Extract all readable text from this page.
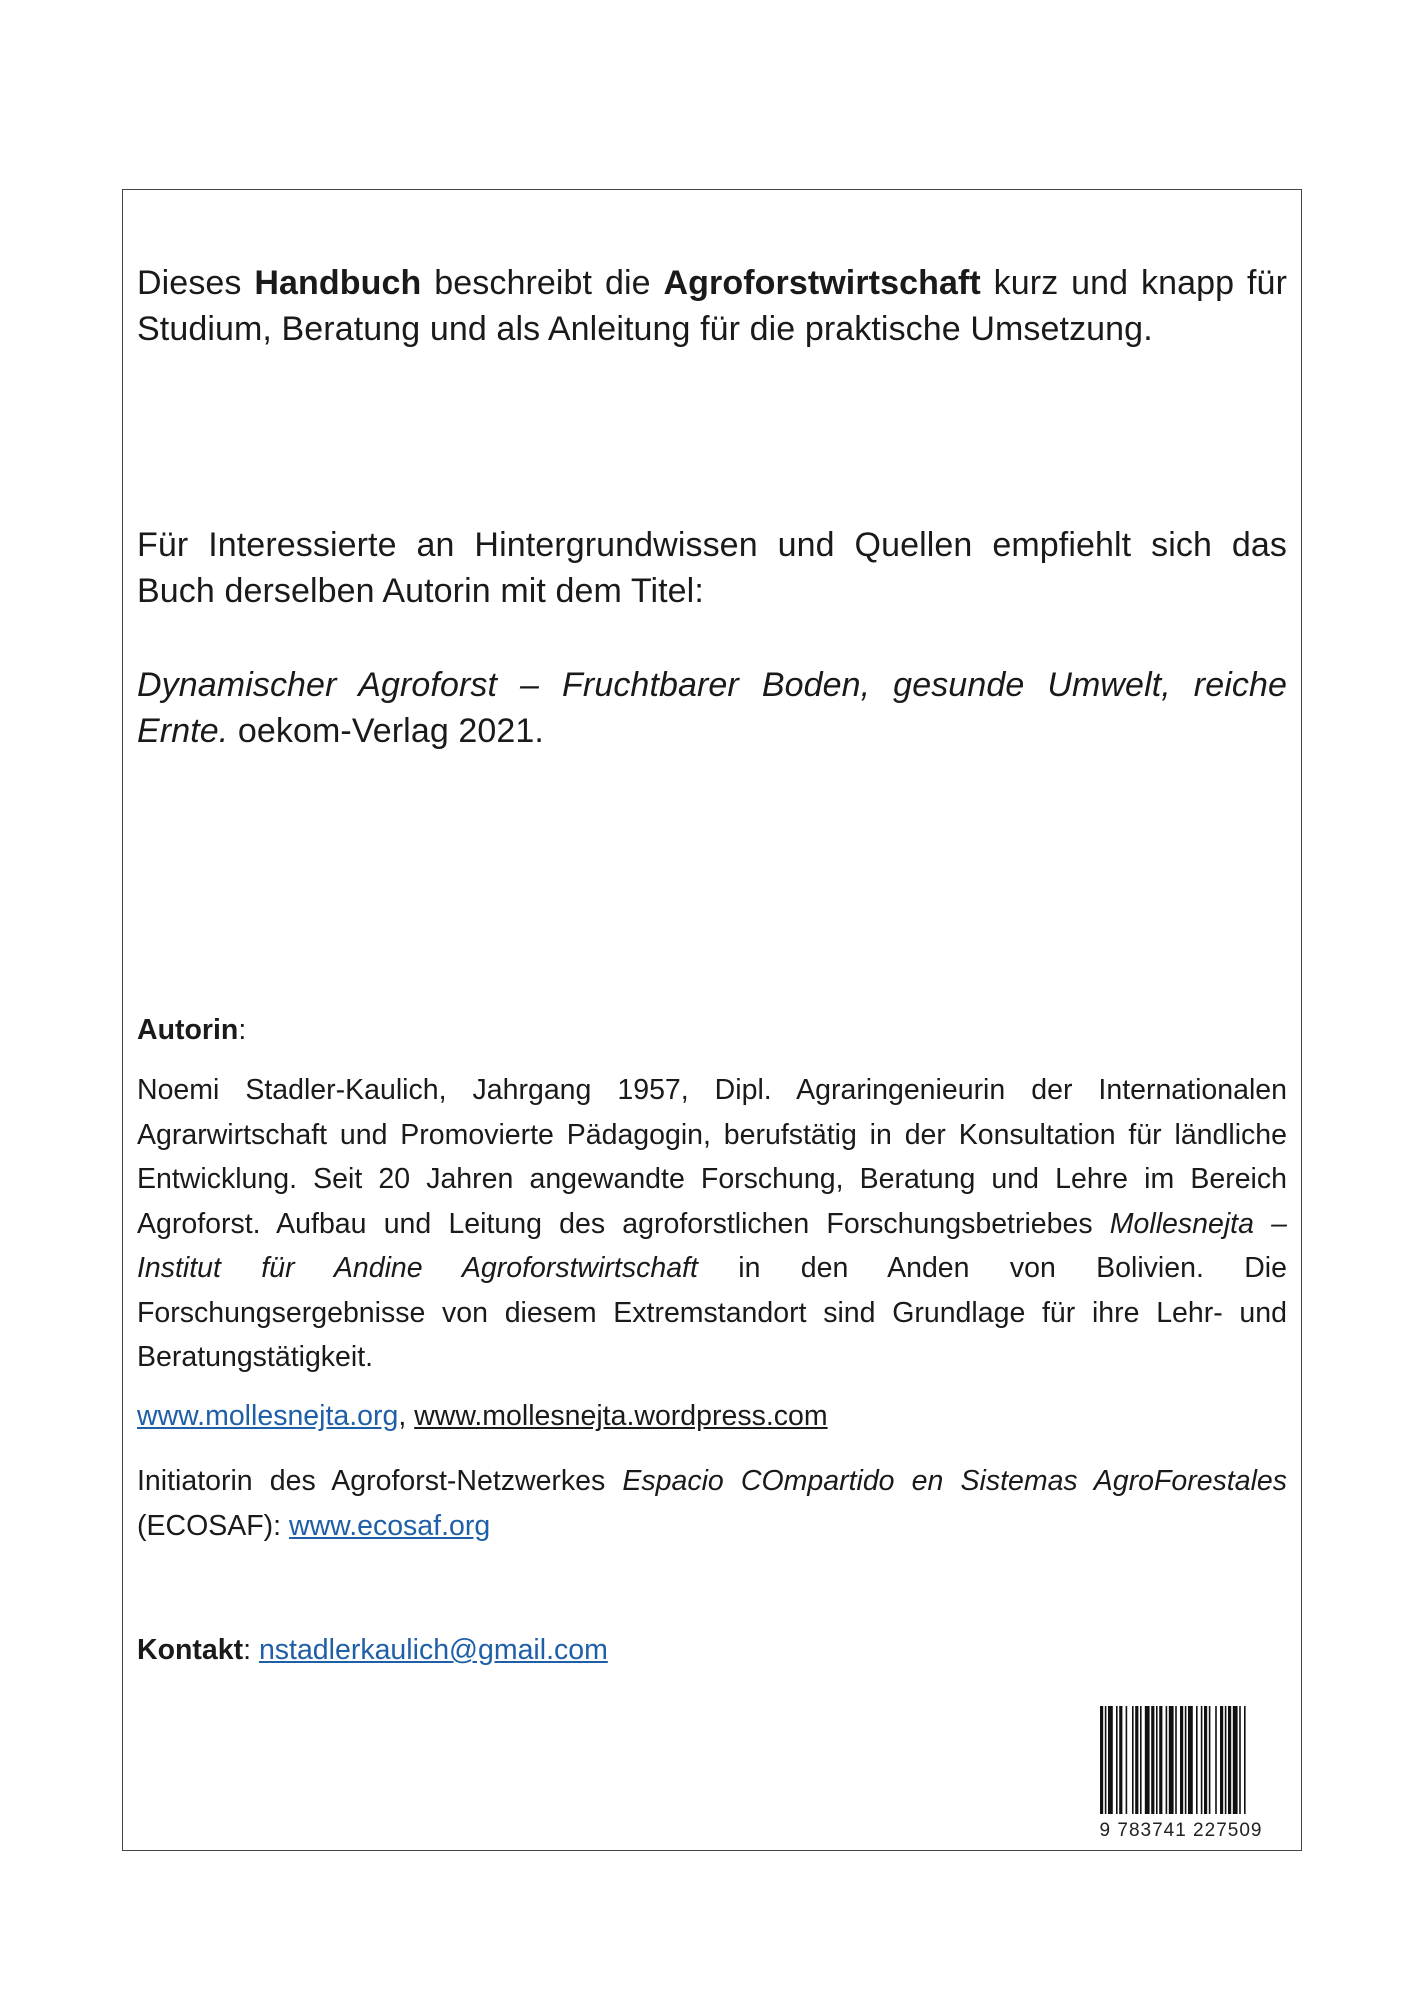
Dieses Handbuch beschreibt die Agroforstwirtschaft kurz und knapp für Studium, Beratung und als Anleitung für die praktische Umsetzung.

Für Interessierte an Hintergrundwissen und Quellen empfiehlt sich das Buch derselben Autorin mit dem Titel:

Dynamischer Agroforst – Fruchtbarer Boden, gesunde Umwelt, reiche Ernte. oekom-Verlag 2021.

Autorin:

Noemi Stadler-Kaulich, Jahrgang 1957, Dipl. Agraringenieurin der Internationalen Agrarwirtschaft und Promovierte Pädagogin, berufstätig in der Konsultation für ländliche Entwicklung. Seit 20 Jahren angewandte Forschung, Beratung und Lehre im Bereich Agroforst. Aufbau und Leitung des agroforstlichen Forschungsbetriebes Mollesnejta – Institut für Andine Agroforstwirtschaft in den Anden von Bolivien. Die Forschungsergebnisse von diesem Extremstandort sind Grundlage für ihre Lehr- und Beratungstätigkeit.

www.mollesnejta.org, www.mollesnejta.wordpress.com

Initiatorin des Agroforst-Netzwerkes Espacio COmpartido en Sistemas AgroForestales (ECOSAF): www.ecosaf.org

Kontakt: nstadlerkaulich@gmail.com

9 783741 227509
